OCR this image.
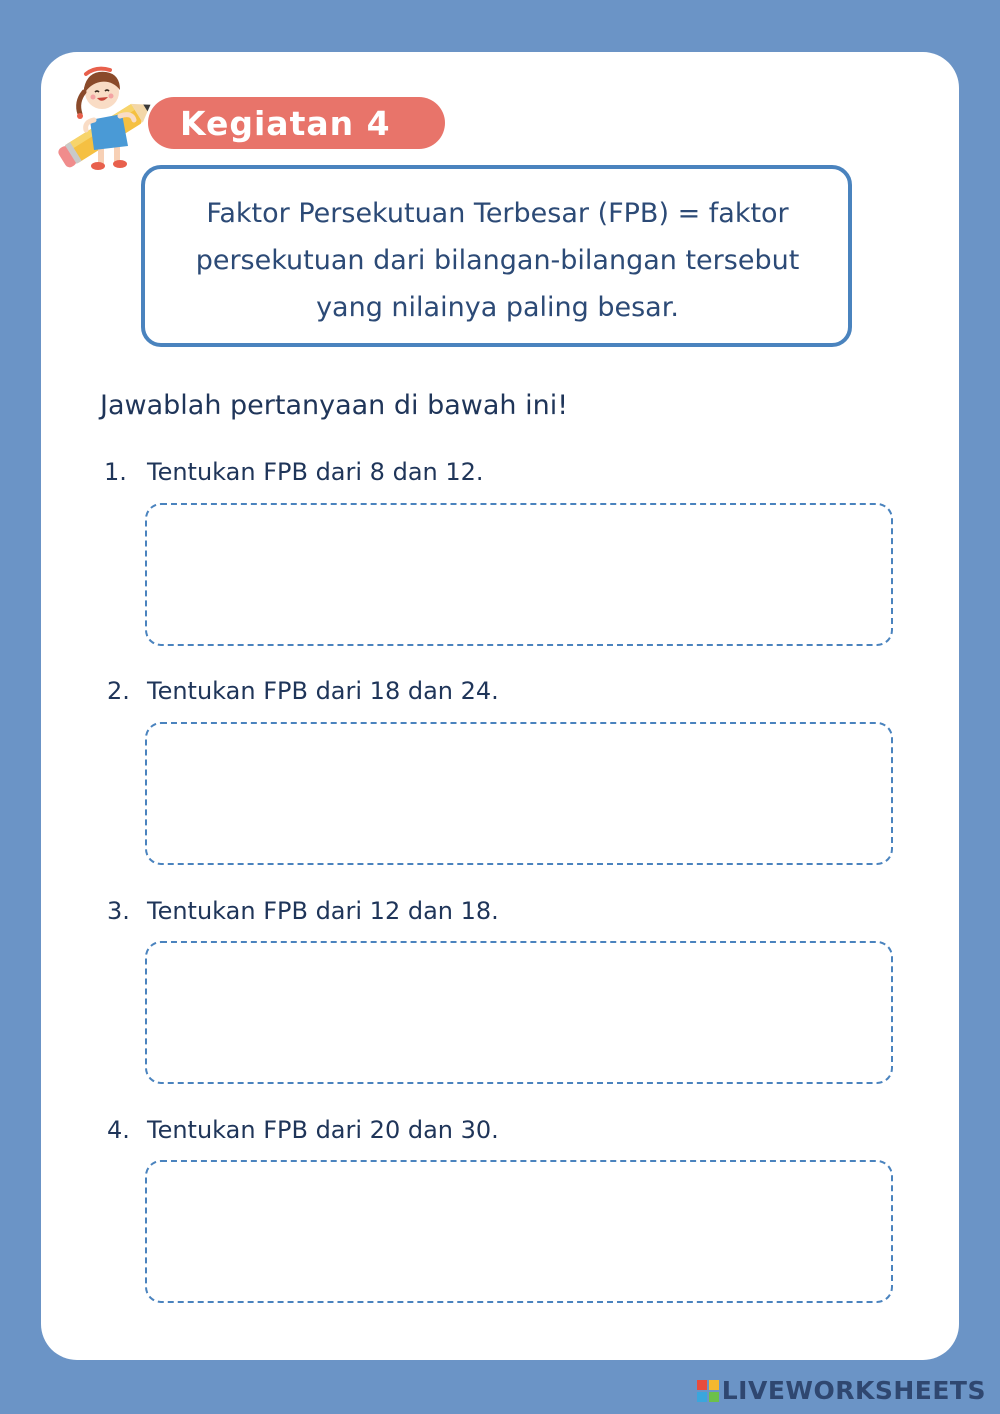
Kegiatan 4
Faktor Persekutuan Terbesar (FPB) = faktor
persekutuan dari bilangan-bilangan tersebut
yang nilainya paling besar.
Jawablah pertanyaan di bawah ini!
1. Tentukan FPB dari 8 dan 12.
2. Tentukan FPB dari 18 dan 24.
3. Tentukan FPB dari 12 dan 18.
4. Tentukan FPB dari 20 dan 30.
LIVEWORKSHEETS
